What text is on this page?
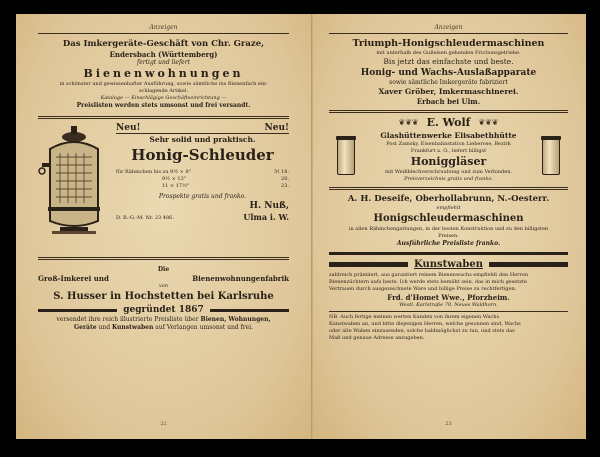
Anzeigen
Das Imkergeräte-Geschäft von Chr. Graze,
Endersbach (Württemberg)
fertigt und liefert
Bienenwohnungen
in schönster und gewissenhafter Ausführung, sowie sämtliche ins Bienenfach ein-
schlagende Artikel.
Kataloge — Einschlägige Geschäftseinrichtung —
Preislisten werden stets umsonst und frei versandt.
Neu!	Neu!
Sehr solid und praktisch.
Honig-Schleuder
für Rähmchen bis zu 9½ × 8"	ℳ 18.
9½ × 12"	20.
11 × 17½"	23.
Prospekte gratis und franko.
H. Nuß,
D. R.-G.-M. Nr. 23 486.	Ulma i. W.
Die
Groß-Imkerei und	Bienenwohnungenfabrik
von
S. Husser in Hochstetten bei Karlsruhe
gegründet 1867
versendet ihre reich illustrierte Preisliste über Bienen, Wohnungen,
Geräte und Kunstwaben auf Verlangen umsonst und frei.
22
Anzeigen
Triumph-Honigschleudermaschinen
mit unterhalb des Gußeisen gehenden Frictionsgetriebe.
Bis jetzt das einfachste und beste.
Honig- und Wachs-Auslaßapparate
sowie sämtliche Imkergeräte fabriziert
Xaver Gröber, Imkermaschinerei.
Erbach bei Ulm.
❦❦❦ E. Wolf ❦❦❦
Glashüttenwerke Elisabethhütte
Post Zamsky, Eisenbahnstation Lieberose, Bezirk
Frankfurt a. O., liefert billigst
Honiggläser
mit Weißblechverschraubung und zum Verbinden.
Preisverzeichnis gratis und franko.
A. H. Deseife, Oberhollabrunn, N.-Oesterr.
empfiehlt
Honigschleudermaschinen
in allen Rähmchengattungen, in der besten Konstruktion und zu den billigsten
Preisen.
Ausführliche Preisliste franko.
Kunstwaben
zahlreich prämiiert, aus garantiert reinem Bienenwachs empfiehlt den Herren
Bienenzüchtern aufs beste. Ich werde stets bemüht sein, das in mich gesetzte
Vertrauen durch ausgezeichnete Ware und billige Preise zu rechtfertigen.
Frd. d'Homet Wwe., Pforzheim.
Westl. Karlstraße 70, Neues Waldhorn.
NB. Auch fertige meinen werten Kunden von ihrem eigenen Wachs
Kunstwaben an, und bitte diejenigen Herren, welche gesonnen sind, Wachs
oder alte Waben einzusenden, solche baldmöglichst zu tun, und stets das
Maß und genaue Adresse anzugeben.
23
